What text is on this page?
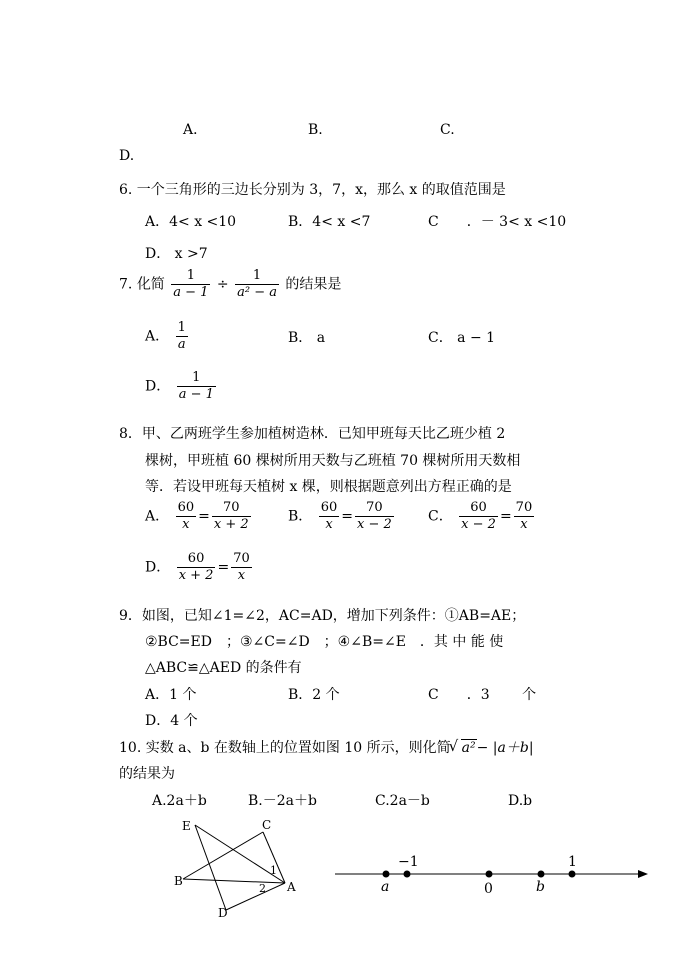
A．	B.	C.
D.
6. 一个三角形的三边长分别为 3，7，x，那么 x 的取值范围是
A．4< x <10	B．4< x <7	C　　．－ 3< x <10
D． x >7
7. 化简 $\frac{1}{a - 1} \div \frac{1}{\text{a² − a}}$ 的结果是
A． $\frac{1}{a}$	B． a	C． a − 1
D． $\frac{1}{a - 1}$
8．甲、乙两班学生参加植树造林．已知甲班每天比乙班少植 2
棵树，甲班植 60 棵树所用天数与乙班植 70 棵树所用天数相
等．若设甲班每天植树 x 棵，则根据题意列出方程正确的是
A． $\frac{60}{x} = \frac{70}{x + 2}$	B． $\frac{60}{x} = \frac{70}{x - 2}$ C． $\frac{60}{x - 2} = \frac{70}{x}$
D． $\frac{60}{x + 2} = \frac{70}{x}$
9．如图，已知∠1=∠2，AC=AD，增加下列条件：①AB=AE；
②BC=ED　；③∠C=∠D　；④∠B=∠E　．其 中 能 使
△ABC≌△AED 的条件有
A．1 个	B．2 个	C　　．3　　 个
D．4 个
10. 实数 a、b 在数轴上的位置如图 10 所示，则化简√ a²− |a＋b|
的结果为
A.2a＋b	B.－2a＋b	C.2a－b	D.b
E	C
B	A
D
1
2
−1
a	0	b
1
